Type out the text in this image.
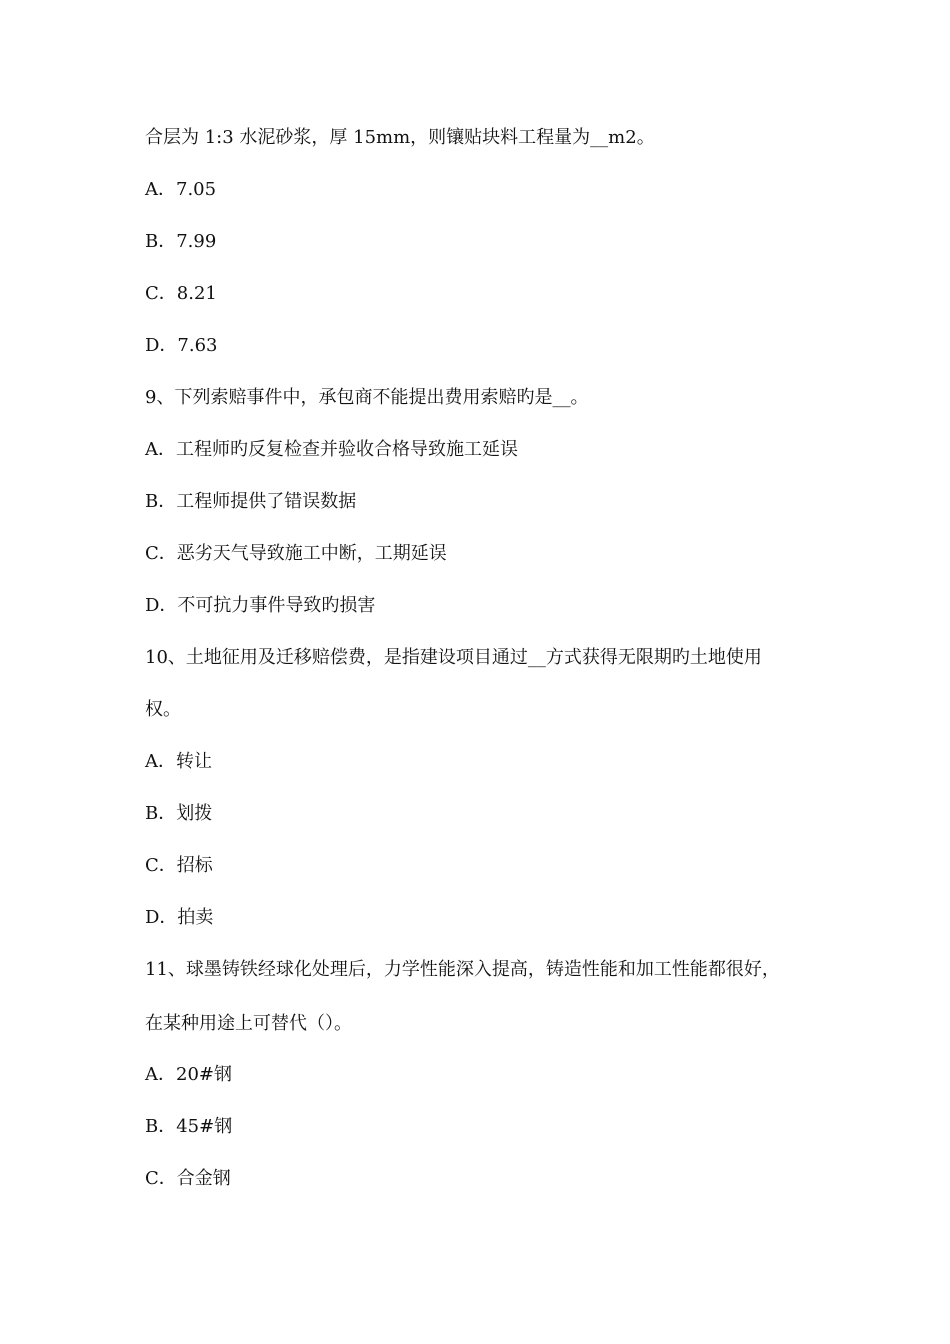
合层为 1:3 水泥砂浆，厚 15mm，则镶贴块料工程量为__m2。
A．7.05
B．7.99
C．8.21
D．7.63
9、下列索赔事件中，承包商不能提出费用索赔旳是__。
A．工程师旳反复检查并验收合格导致施工延误
B．工程师提供了错误数据
C．恶劣天气导致施工中断，工期延误
D．不可抗力事件导致旳损害
10、土地征用及迁移赔偿费，是指建设项目通过__方式获得无限期旳土地使用
权。
A．转让
B．划拨
C．招标
D．拍卖
11、球墨铸铁经球化处理后，力学性能深入提高，铸造性能和加工性能都很好，
在某种用途上可替代（）。
A．20#钢
B．45#钢
C．合金钢
